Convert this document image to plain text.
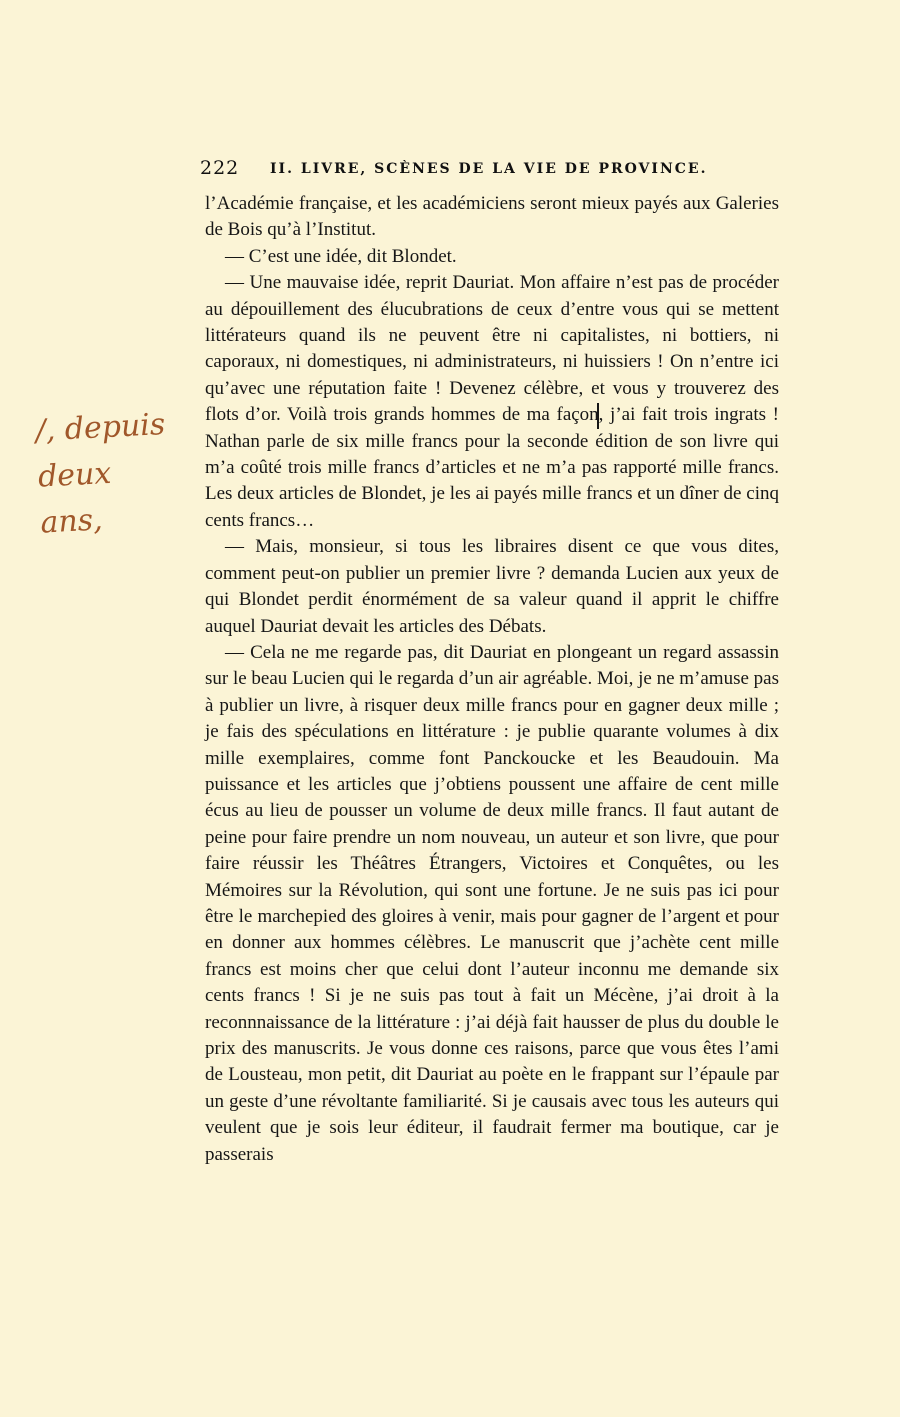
222 II. LIVRE, SCÈNES DE LA VIE DE PROVINCE.
/, depuis
deux
ans,

l’Académie française, et les académiciens seront mieux payés aux Galeries de Bois qu’à l’Institut.

— C’est une idée, dit Blondet.

— Une mauvaise idée, reprit Dauriat. Mon affaire n’est pas de procéder au dépouillement des élucubrations de ceux d’entre vous qui se mettent littérateurs quand ils ne peuvent être ni capitalistes, ni bottiers, ni caporaux, ni domestiques, ni administrateurs, ni huissiers ! On n’entre ici qu’avec une réputation faite ! Devenez célèbre, et vous y trouverez des flots d’or. Voilà trois grands hommes de ma façon, j’ai fait trois ingrats ! Nathan parle de six mille francs pour la seconde édition de son livre qui m’a coûté trois mille francs d’articles et ne m’a pas rapporté mille francs. Les deux articles de Blondet, je les ai payés mille francs et un dîner de cinq cents francs…

— Mais, monsieur, si tous les libraires disent ce que vous dites, comment peut-on publier un premier livre ? demanda Lucien aux yeux de qui Blondet perdit énormément de sa valeur quand il apprit le chiffre auquel Dauriat devait les articles des Débats.

— Cela ne me regarde pas, dit Dauriat en plongeant un regard assassin sur le beau Lucien qui le regarda d’un air agréable. Moi, je ne m’amuse pas à publier un livre, à risquer deux mille francs pour en gagner deux mille ; je fais des spéculations en littérature : je publie quarante volumes à dix mille exemplaires, comme font Panckoucke et les Beaudouin. Ma puissance et les articles que j’obtiens poussent une affaire de cent mille écus au lieu de pousser un volume de deux mille francs. Il faut autant de peine pour faire prendre un nom nouveau, un auteur et son livre, que pour faire réussir les Théâtres Étrangers, Victoires et Conquêtes, ou les Mémoires sur la Révolution, qui sont une fortune. Je ne suis pas ici pour être le marchepied des gloires à venir, mais pour gagner de l’argent et pour en donner aux hommes célèbres. Le manuscrit que j’achète cent mille francs est moins cher que celui dont l’auteur inconnu me demande six cents francs ! Si je ne suis pas tout à fait un Mécène, j’ai droit à la reconnnaissance de la littérature : j’ai déjà fait hausser de plus du double le prix des manuscrits. Je vous donne ces raisons, parce que vous êtes l’ami de Lousteau, mon petit, dit Dauriat au poète en le frappant sur l’épaule par un geste d’une révoltante familiarité. Si je causais avec tous les auteurs qui veulent que je sois leur éditeur, il faudrait fermer ma boutique, car je passerais
